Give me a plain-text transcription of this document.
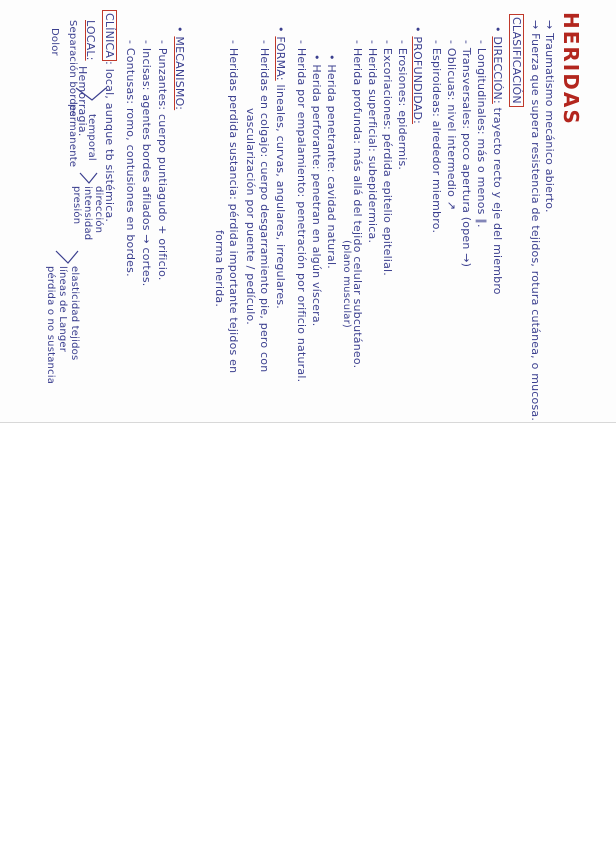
HERIDAS
→ Traumatismo mecánico abierto.
→ Fuerza que supera resistencia de tejidos, rotura cutánea, o mucosa.
CLASIFICACIÓN
• DIRECCIÓN: trayecto recto y eje del miembro
- Longitudinales: más o menos ∥.
- Transversales: poco apertura (open →)
- Oblicuas: nivel intermedio ↗
- Espiroideas: alrededor miembro.
• PROFUNDIDAD:
- Erosiones: epidermis.
- Excoriaciones: pérdida epitelio epitelial.
- Herida superficial: subepidermica.
- Herida profunda: más allá del tejido celular subcutáneo.
(plano muscular)
• Herida penetrante: cavidad natural.
• Herida perforante: penetran en algún víscera.
- Herida por empalamiento: penetración por orificio natural.
• FORMA: lineales, curvas, angulares, irregulares.
- Heridas en colgajo: cuerpo desgarramiento pie, pero con
vascularización por puente / pedículo.
- Heridas perdida sustancia: pérdida importante tejidos en
forma herida.
• MECANISMO:
- Punzantes: cuerpo puntiagudo + orificio.
- Incisas: agentes bordes afilados → cortes.
- Contusas: romo, contusiones en bordes.
CLÍNICA: local, aunque tb sistémica.
LOCAL:
Hemorragia.
Separación bordes
Dolor
temporal
permanente
dirección
intensidad
presión
elasticidad tejidos
líneas de Langer
pérdida o no sustancia
